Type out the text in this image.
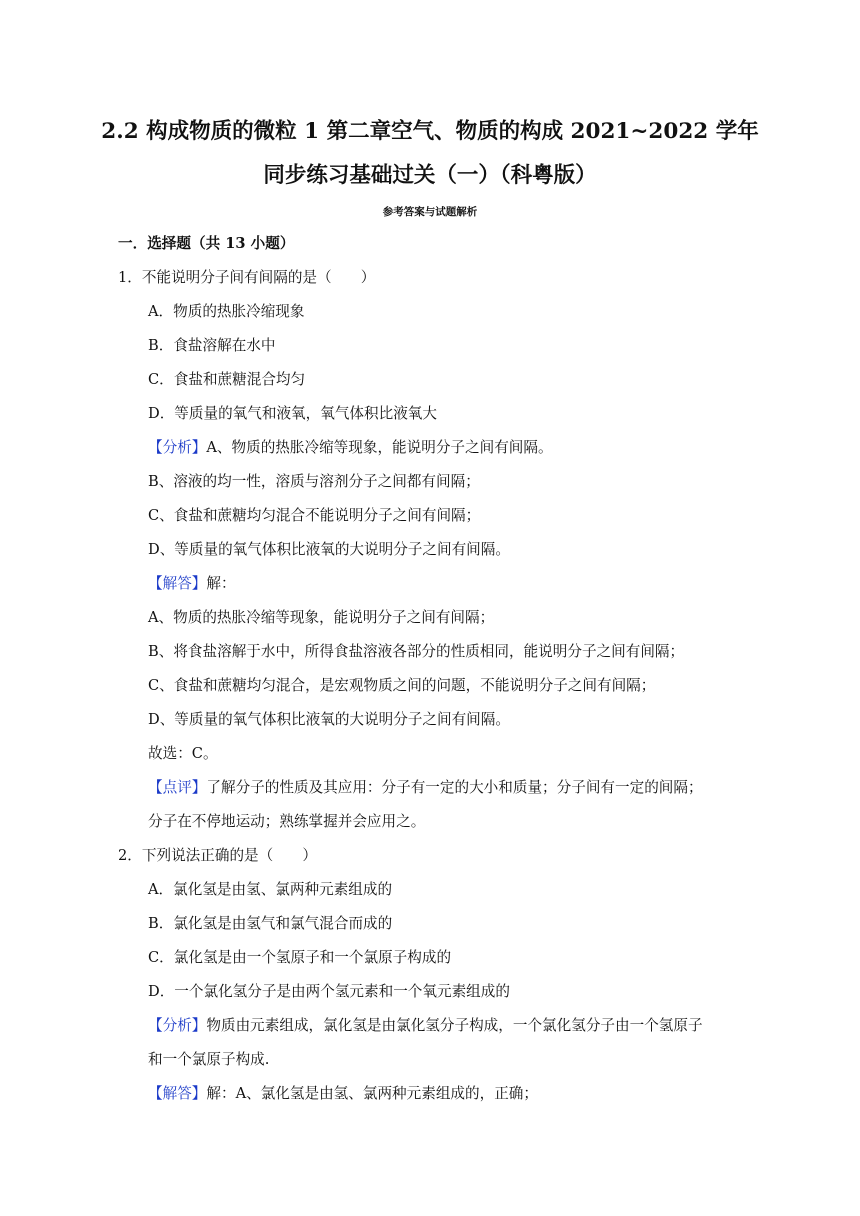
2.2 构成物质的微粒 1 第二章空气、物质的构成 2021~2022 学年
同步练习基础过关（一）（科粤版）
参考答案与试题解析
一．选择题（共 13 小题）
1．不能说明分子间有间隔的是（　　）
A．物质的热胀冷缩现象
B．食盐溶解在水中
C．食盐和蔗糖混合均匀
D．等质量的氧气和液氧，氧气体积比液氧大
【分析】A、物质的热胀冷缩等现象，能说明分子之间有间隔。
B、溶液的均一性，溶质与溶剂分子之间都有间隔；
C、食盐和蔗糖均匀混合不能说明分子之间有间隔；
D、等质量的氧气体积比液氧的大说明分子之间有间隔。
【解答】解：
A、物质的热胀冷缩等现象，能说明分子之间有间隔；
B、将食盐溶解于水中，所得食盐溶液各部分的性质相同，能说明分子之间有间隔；
C、食盐和蔗糖均匀混合，是宏观物质之间的问题，不能说明分子之间有间隔；
D、等质量的氧气体积比液氧的大说明分子之间有间隔。
故选：C。
【点评】了解分子的性质及其应用：分子有一定的大小和质量；分子间有一定的间隔；
分子在不停地运动；熟练掌握并会应用之。
2．下列说法正确的是（　　）
A．氯化氢是由氢、氯两种元素组成的
B．氯化氢是由氢气和氯气混合而成的
C．氯化氢是由一个氢原子和一个氯原子构成的
D．一个氯化氢分子是由两个氢元素和一个氧元素组成的
【分析】物质由元素组成，氯化氢是由氯化氢分子构成，一个氯化氢分子由一个氢原子
和一个氯原子构成.
【解答】解：A、氯化氢是由氢、氯两种元素组成的，正确；
